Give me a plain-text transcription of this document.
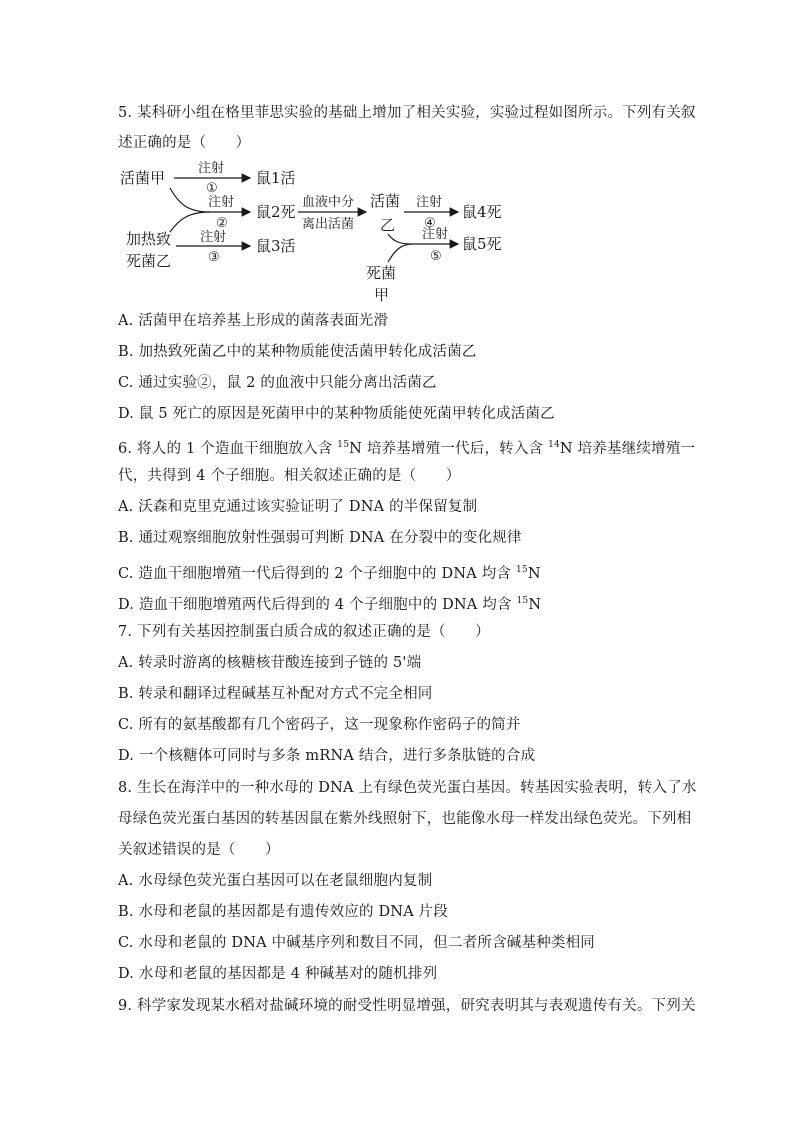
5. 某科研小组在格里菲思实验的基础上增加了相关实验，实验过程如图所示。下列有关叙
述正确的是（　　）
活菌甲
加热致
死菌乙
注射
①
鼠1活
注射
②
鼠2死
血液中分
离出活菌
活菌
乙
注射
④
鼠4死
注射
③
鼠3活
注射
⑤
鼠5死
死菌
甲
A. 活菌甲在培养基上形成的菌落表面光滑
B. 加热致死菌乙中的某种物质能使活菌甲转化成活菌乙
C. 通过实验②，鼠 2 的血液中只能分离出活菌乙
D. 鼠 5 死亡的原因是死菌甲中的某种物质能使死菌甲转化成活菌乙
6. 将人的 1 个造血干细胞放入含 $^{15}$N 培养基增殖一代后，转入含 $^{14}$N 培养基继续增殖一
代，共得到 4 个子细胞。相关叙述正确的是（　　）
A. 沃森和克里克通过该实验证明了 DNA 的半保留复制
B. 通过观察细胞放射性强弱可判断 DNA 在分裂中的变化规律
C. 造血干细胞增殖一代后得到的 2 个子细胞中的 DNA 均含 $^{15}$N
D. 造血干细胞增殖两代后得到的 4 个子细胞中的 DNA 均含 $^{15}$N
7. 下列有关基因控制蛋白质合成的叙述正确的是（　　）
A. 转录时游离的核糖核苷酸连接到子链的 5'端
B. 转录和翻译过程碱基互补配对方式不完全相同
C. 所有的氨基酸都有几个密码子，这一现象称作密码子的简并
D. 一个核糖体可同时与多条 mRNA 结合，进行多条肽链的合成
8. 生长在海洋中的一种水母的 DNA 上有绿色荧光蛋白基因。转基因实验表明，转入了水
母绿色荧光蛋白基因的转基因鼠在紫外线照射下，也能像水母一样发出绿色荧光。下列相
关叙述错误的是（　　）
A. 水母绿色荧光蛋白基因可以在老鼠细胞内复制
B. 水母和老鼠的基因都是有遗传效应的 DNA 片段
C. 水母和老鼠的 DNA 中碱基序列和数目不同，但二者所含碱基种类相同
D. 水母和老鼠的基因都是 4 种碱基对的随机排列
9. 科学家发现某水稻对盐碱环境的耐受性明显增强，研究表明其与表观遗传有关。下列关
